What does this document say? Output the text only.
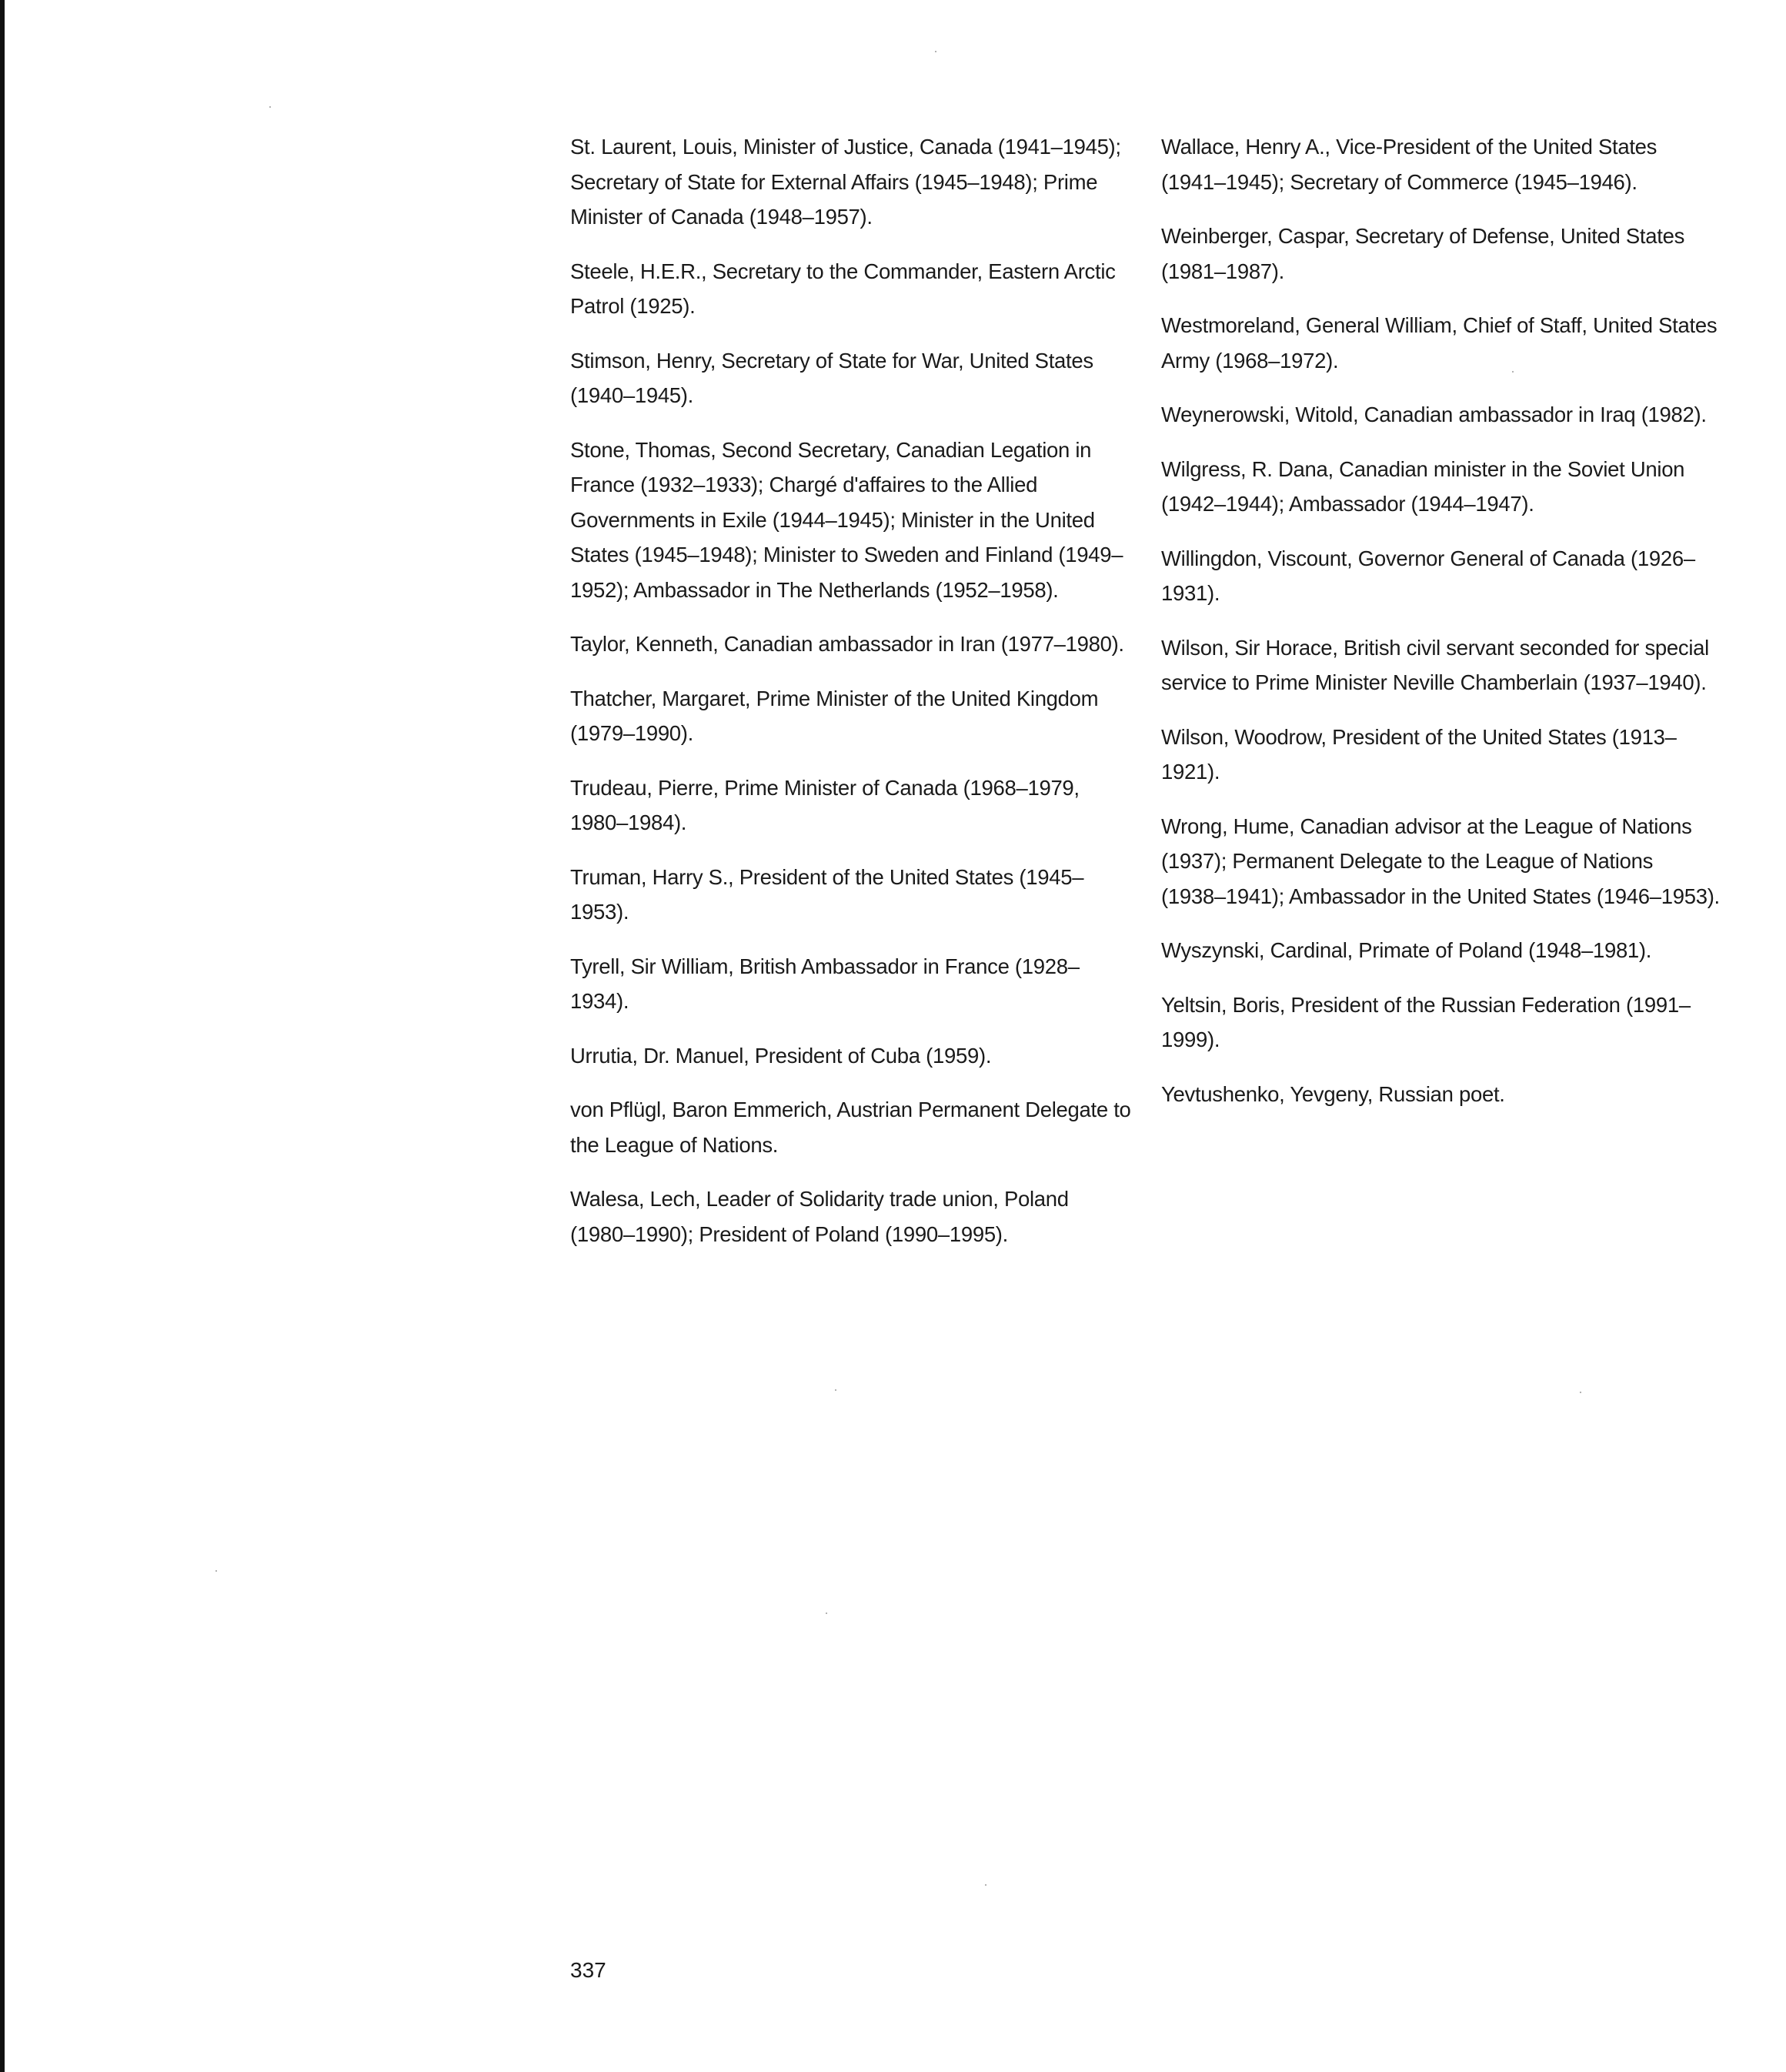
St. Laurent, Louis, Minister of Justice, Canada (1941–1945); Secretary of State for External Affairs (1945–1948); Prime Minister of Canada (1948–1957).

Steele, H.E.R., Secretary to the Commander, Eastern Arctic Patrol (1925).

Stimson, Henry, Secretary of State for War, United States (1940–1945).

Stone, Thomas, Second Secretary, Canadian Legation in France (1932–1933); Chargé d'affaires to the Allied Governments in Exile (1944–1945); Minister in the United States (1945–1948); Minister to Sweden and Finland (1949–1952); Ambassador in The Netherlands (1952–1958).

Taylor, Kenneth, Canadian ambassador in Iran (1977–1980).

Thatcher, Margaret, Prime Minister of the United Kingdom (1979–1990).

Trudeau, Pierre, Prime Minister of Canada (1968–1979, 1980–1984).

Truman, Harry S., President of the United States (1945–1953).

Tyrell, Sir William, British Ambassador in France (1928–1934).

Urrutia, Dr. Manuel, President of Cuba (1959).

von Pflügl, Baron Emmerich, Austrian Permanent Delegate to the League of Nations.

Walesa, Lech, Leader of Solidarity trade union, Poland (1980–1990); President of Poland (1990–1995).

Wallace, Henry A., Vice-President of the United States (1941–1945); Secretary of Commerce (1945–1946).

Weinberger, Caspar, Secretary of Defense, United States (1981–1987).

Westmoreland, General William, Chief of Staff, United States Army (1968–1972).

Weynerowski, Witold, Canadian ambassador in Iraq (1982).

Wilgress, R. Dana, Canadian minister in the Soviet Union (1942–1944); Ambassador (1944–1947).

Willingdon, Viscount, Governor General of Canada (1926–1931).

Wilson, Sir Horace, British civil servant seconded for special service to Prime Minister Neville Chamberlain (1937–1940).

Wilson, Woodrow, President of the United States (1913–1921).

Wrong, Hume, Canadian advisor at the League of Nations (1937); Permanent Delegate to the League of Nations (1938–1941); Ambassador in the United States (1946–1953).

Wyszynski, Cardinal, Primate of Poland (1948–1981).

Yeltsin, Boris, President of the Russian Federation (1991–1999).

Yevtushenko, Yevgeny, Russian poet.

337
